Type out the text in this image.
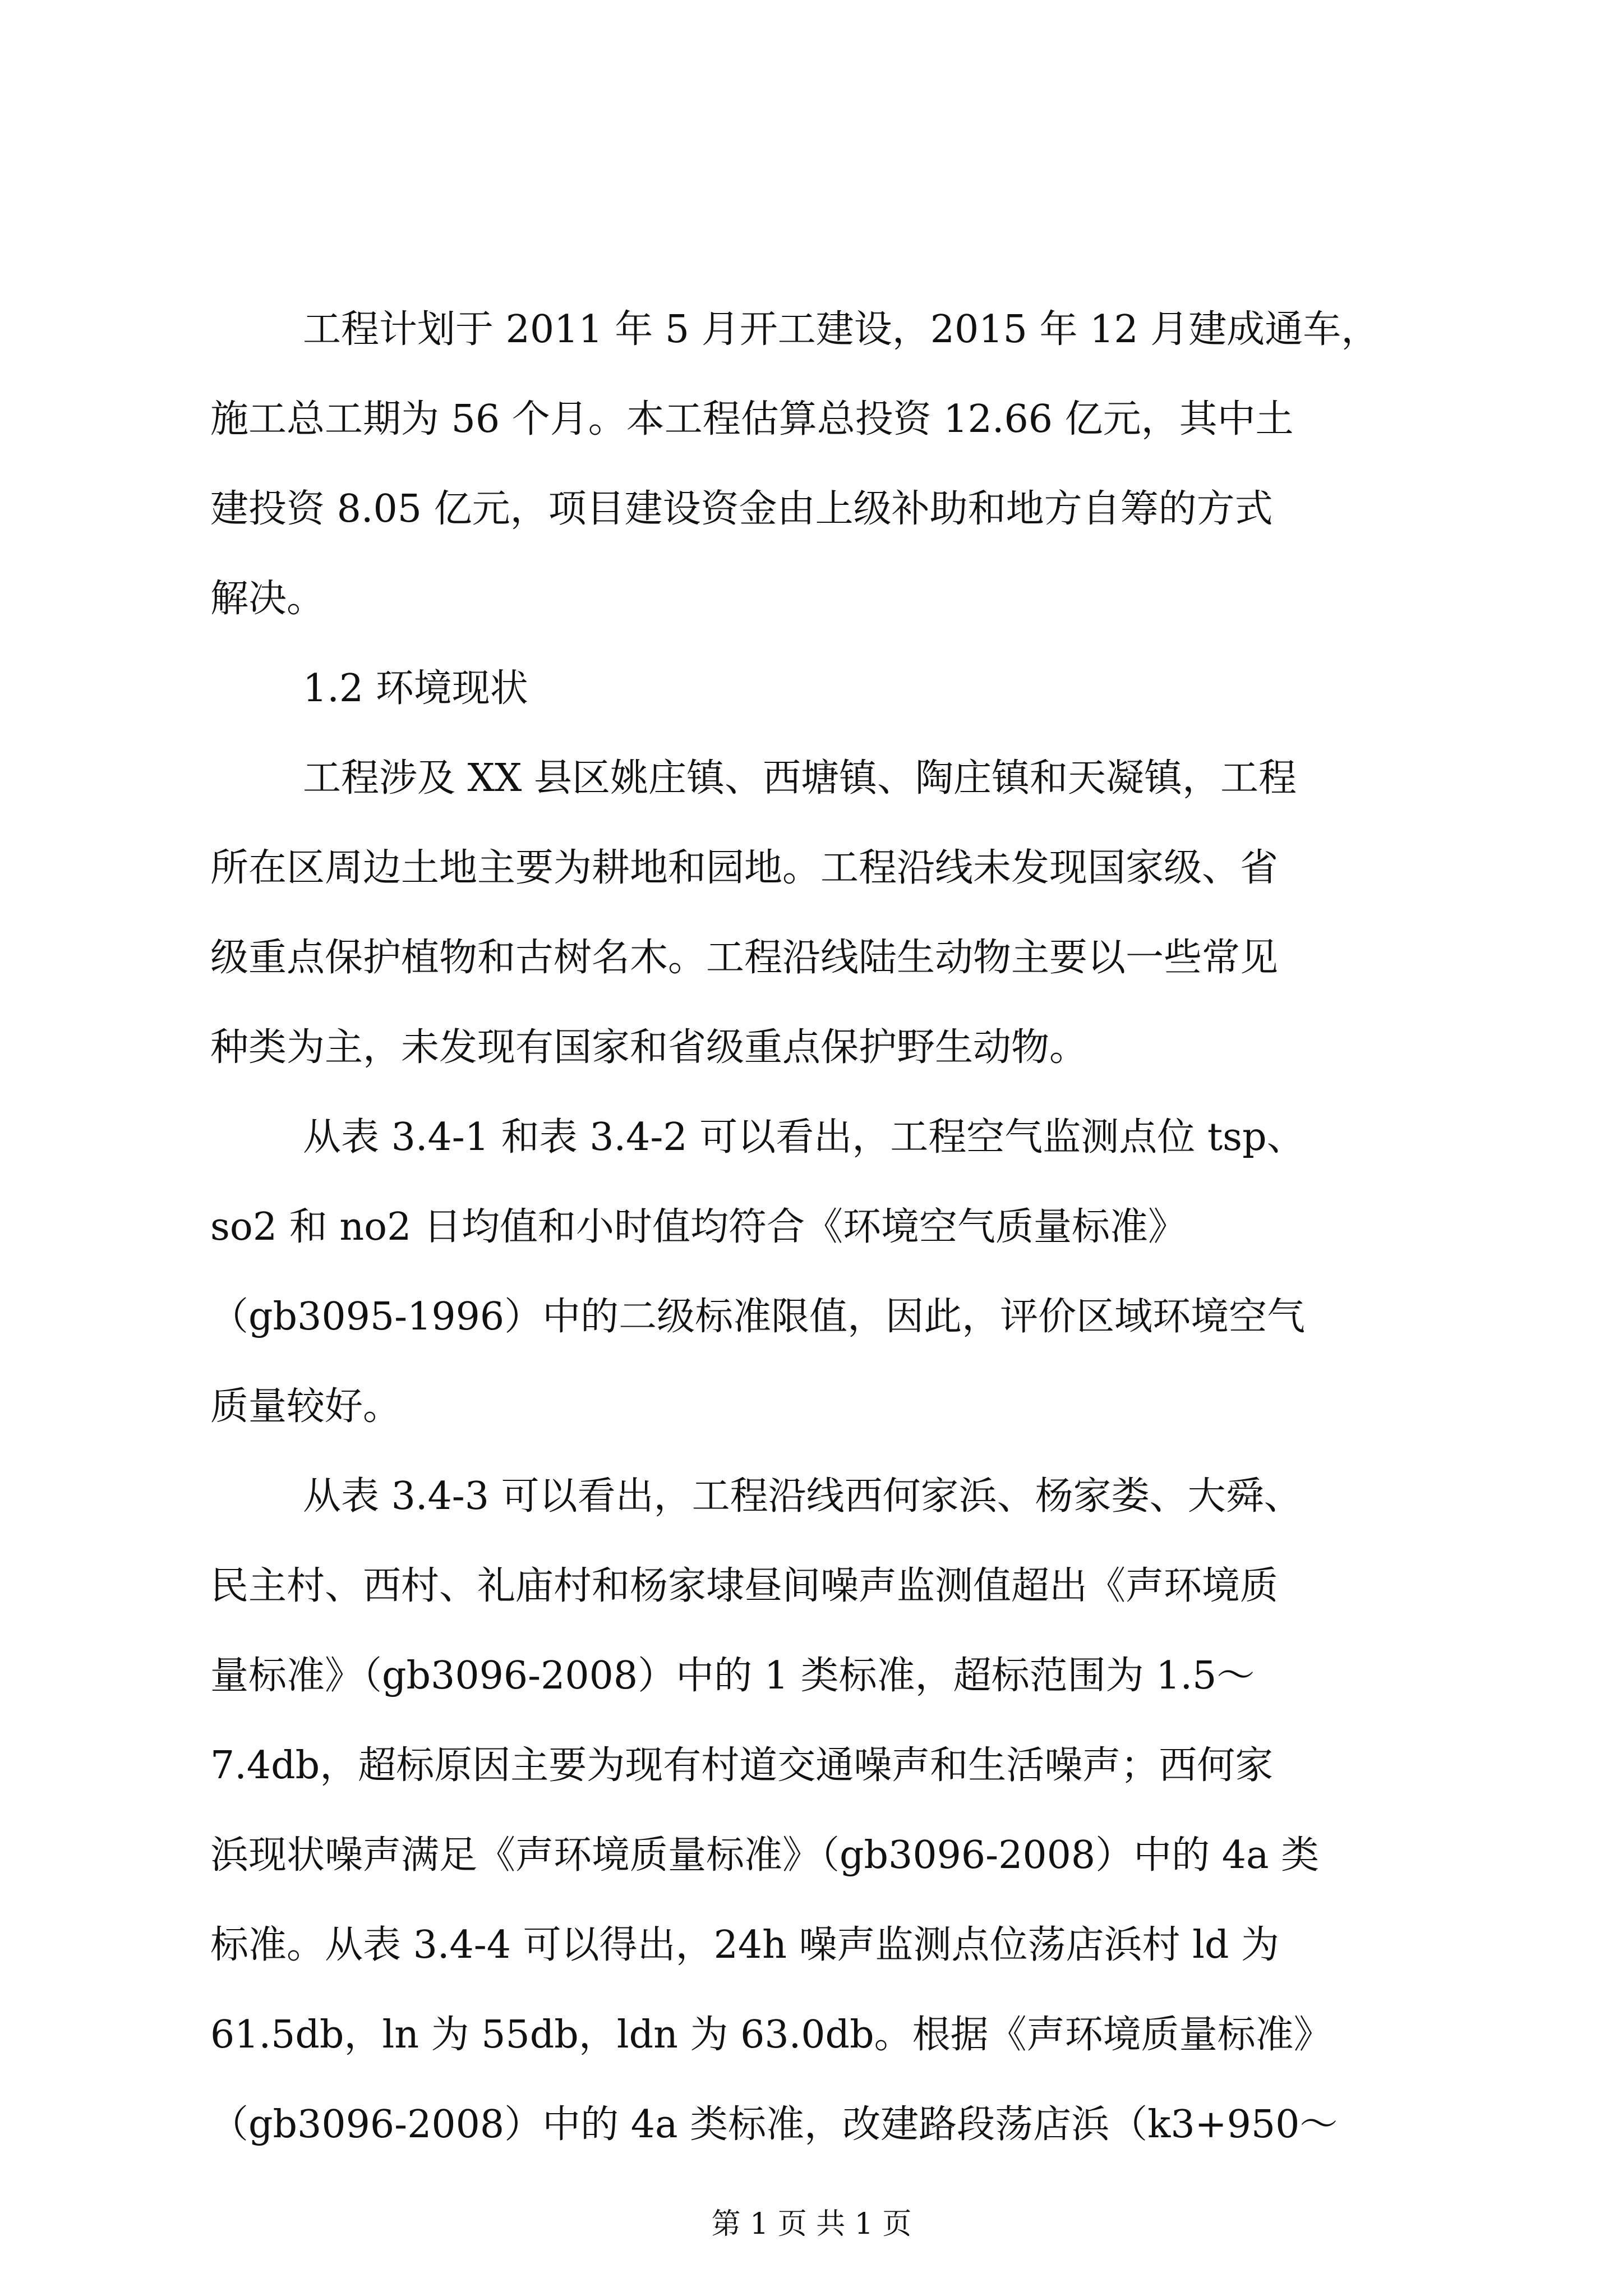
工程计划于 2011 年 5 月开工建设，2015 年 12 月建成通车，

施工总工期为 56 个月。本工程估算总投资 12.66 亿元，其中土

建投资 8.05 亿元，项目建设资金由上级补助和地方自筹的方式

解决。

1.2 环境现状

工程涉及 XX 县区姚庄镇、西塘镇、陶庄镇和天凝镇，工程

所在区周边土地主要为耕地和园地。工程沿线未发现国家级、省

级重点保护植物和古树名木。工程沿线陆生动物主要以一些常见

种类为主，未发现有国家和省级重点保护野生动物。

从表 3.4-1 和表 3.4-2 可以看出，工程空气监测点位 tsp、

so2 和 no2 日均值和小时值均符合《环境空气质量标准》

（gb3095-1996）中的二级标准限值，因此，评价区域环境空气

质量较好。

从表 3.4-3 可以看出，工程沿线西何家浜、杨家娄、大舜、

民主村、西村、礼庙村和杨家埭昼间噪声监测值超出《声环境质

量标准》（gb3096-2008）中的 1 类标准，超标范围为 1.5～

7.4db，超标原因主要为现有村道交通噪声和生活噪声；西何家

浜现状噪声满足《声环境质量标准》（gb3096-2008）中的 4a 类

标准。从表 3.4-4 可以得出，24h 噪声监测点位荡店浜村 ld 为

61.5db，ln 为 55db，ldn 为 63.0db。根据《声环境质量标准》

（gb3096-2008）中的 4a 类标准，改建路段荡店浜（k3+950～

第 1 页 共 1 页
